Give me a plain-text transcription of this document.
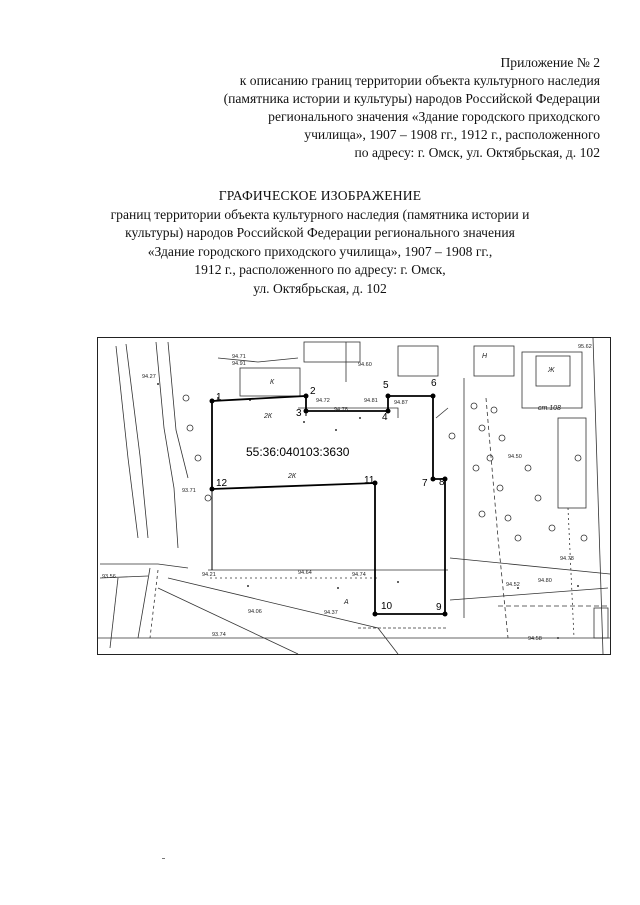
Приложение № 2
к описанию границ территории объекта культурного наследия
(памятника истории и культуры) народов Российской Федерации
регионального значения «Здание городского приходского
училища», 1907 – 1908 гг., 1912 г., расположенного
по адресу: г. Омск, ул. Октябрьская, д. 102
ГРАФИЧЕСКОЕ ИЗОБРАЖЕНИЕ
границ территории объекта культурного наследия (памятника истории и
культуры) народов Российской Федерации регионального значения
«Здание городского приходского училища», 1907 – 1908 гг.,
1912 г., расположенного по адресу: г. Омск,
ул. Октябрьская, д. 102
1
2
3	4
5	6
7 8
9
10
11
12
55:36:040103:3630
94.71
94.91
94.72
94.78
94.81	94.87
94.60
94.50
94.37
94.74
93.74
93.71
94.06
94.21
94.52
94.64
94.78
94.80
94.58
95.62
93.56
94.27
2К
2К
А
Н
К
Ж
ст.108
